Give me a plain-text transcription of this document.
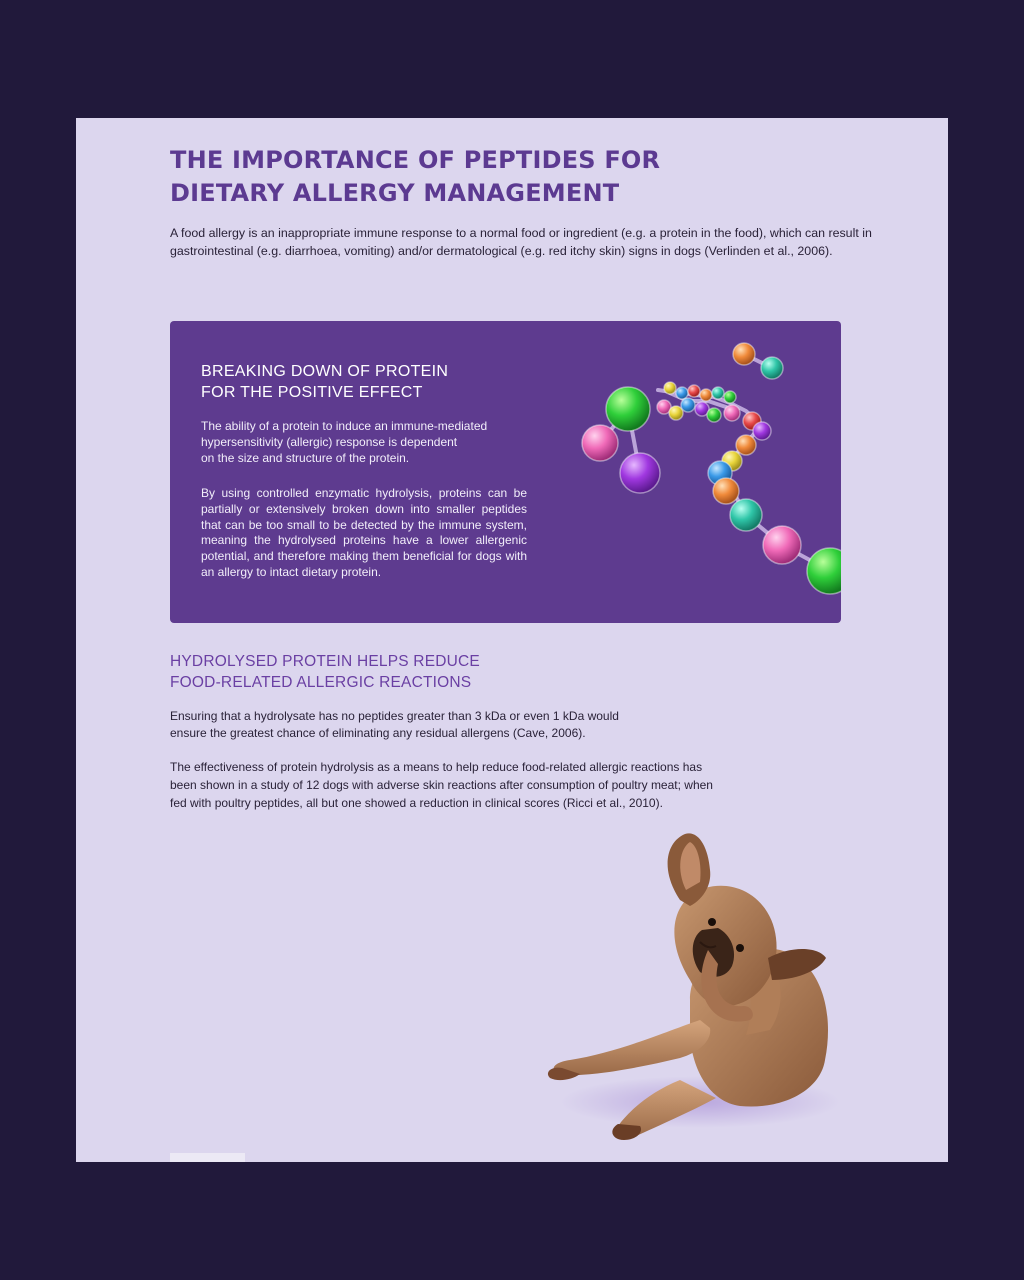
THE IMPORTANCE OF PEPTIDES FOR
DIETARY ALLERGY MANAGEMENT

A food allergy is an inappropriate immune response to a normal food or ingredient (e.g. a protein in the food), which can result in gastrointestinal (e.g. diarrhoea, vomiting) and/or dermatological (e.g. red itchy skin) signs in dogs (Verlinden et al., 2006).

BREAKING DOWN OF PROTEIN
FOR THE POSITIVE EFFECT

The ability of a protein to induce an immune-mediated
hypersensitivity (allergic) response is dependent
on the size and structure of the protein.

By using controlled enzymatic hydrolysis, proteins can be partially or extensively broken down into smaller peptides that can be too small to be detected by the immune system, meaning the hydrolysed proteins have a lower allergenic potential, and therefore making them beneficial for dogs with an allergy to intact dietary protein.

HYDROLYSED PROTEIN HELPS REDUCE
FOOD-RELATED ALLERGIC REACTIONS

Ensuring that a hydrolysate has no peptides greater than 3 kDa or even 1 kDa would
ensure the greatest chance of eliminating any residual allergens (Cave, 2006).

The effectiveness of protein hydrolysis as a means to help reduce food-related allergic reactions has
been shown in a study of 12 dogs with adverse skin reactions after consumption of poultry meat; when
fed with poultry peptides, all but one showed a reduction in clinical scores (Ricci et al., 2010).
